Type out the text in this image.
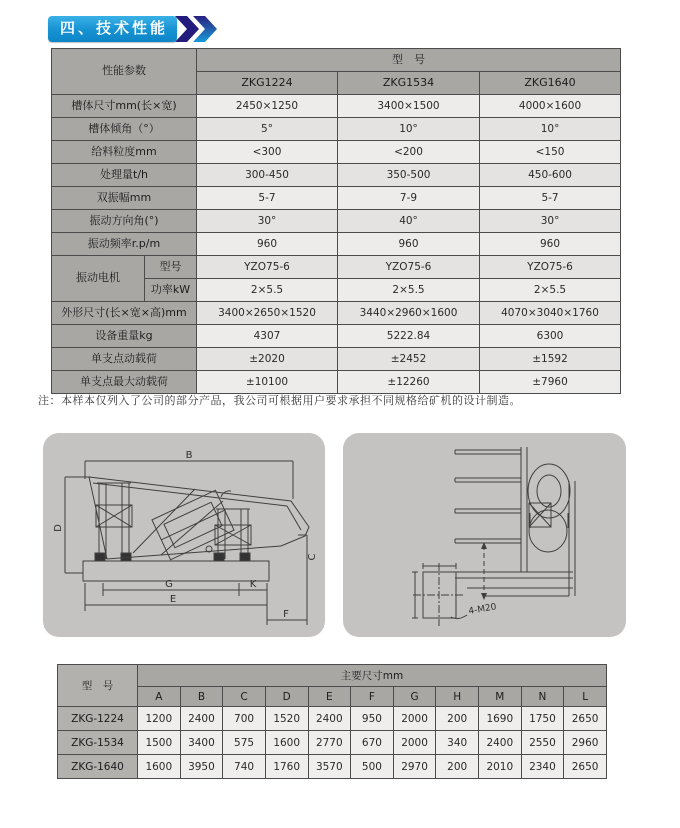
四、技术性能
性能参数		型　号		
		ZKG1224	ZKG1534	ZKG1640
槽体尺寸mm(长×宽)		2450×1250	3400×1500	4000×1600
槽体倾角（°）		5°	10°	10°
给料粒度mm		<300	<200	<150
处理量t/h		300-450	350-500	450-600
双振幅mm		5-7	7-9	5-7
振动方向角(°)		30°	40°	30°
振动频率r.p/m		960	960	960
振动电机	型号	YZO75-6	YZO75-6	YZO75-6
	功率kW	2×5.5	2×5.5	2×5.5
外形尺寸(长×宽×高)mm		3400×2650×1520	3440×2960×1600	4070×3040×1760
设备重量kg		4307	5222.84	6300
单支点动载荷		±2020	±2452	±1592
单支点最大动载荷		±10100	±12260	±7960
注：本样本仅列入了公司的部分产品，我公司可根据用户要求承担不同规格给矿机的设计制造。
B
D
C
G	K
E
F	4-M20
型　号	主要尺寸mm										
	A	B	C	D	E	F	G	H	M	N	L
ZKG-1224	1200	2400	700	1520	2400	950	2000	200	1690	1750	2650
ZKG-1534	1500	3400	575	1600	2770	670	2000	340	2400	2550	2960
ZKG-1640	1600	3950	740	1760	3570	500	2970	200	2010	2340	2650
